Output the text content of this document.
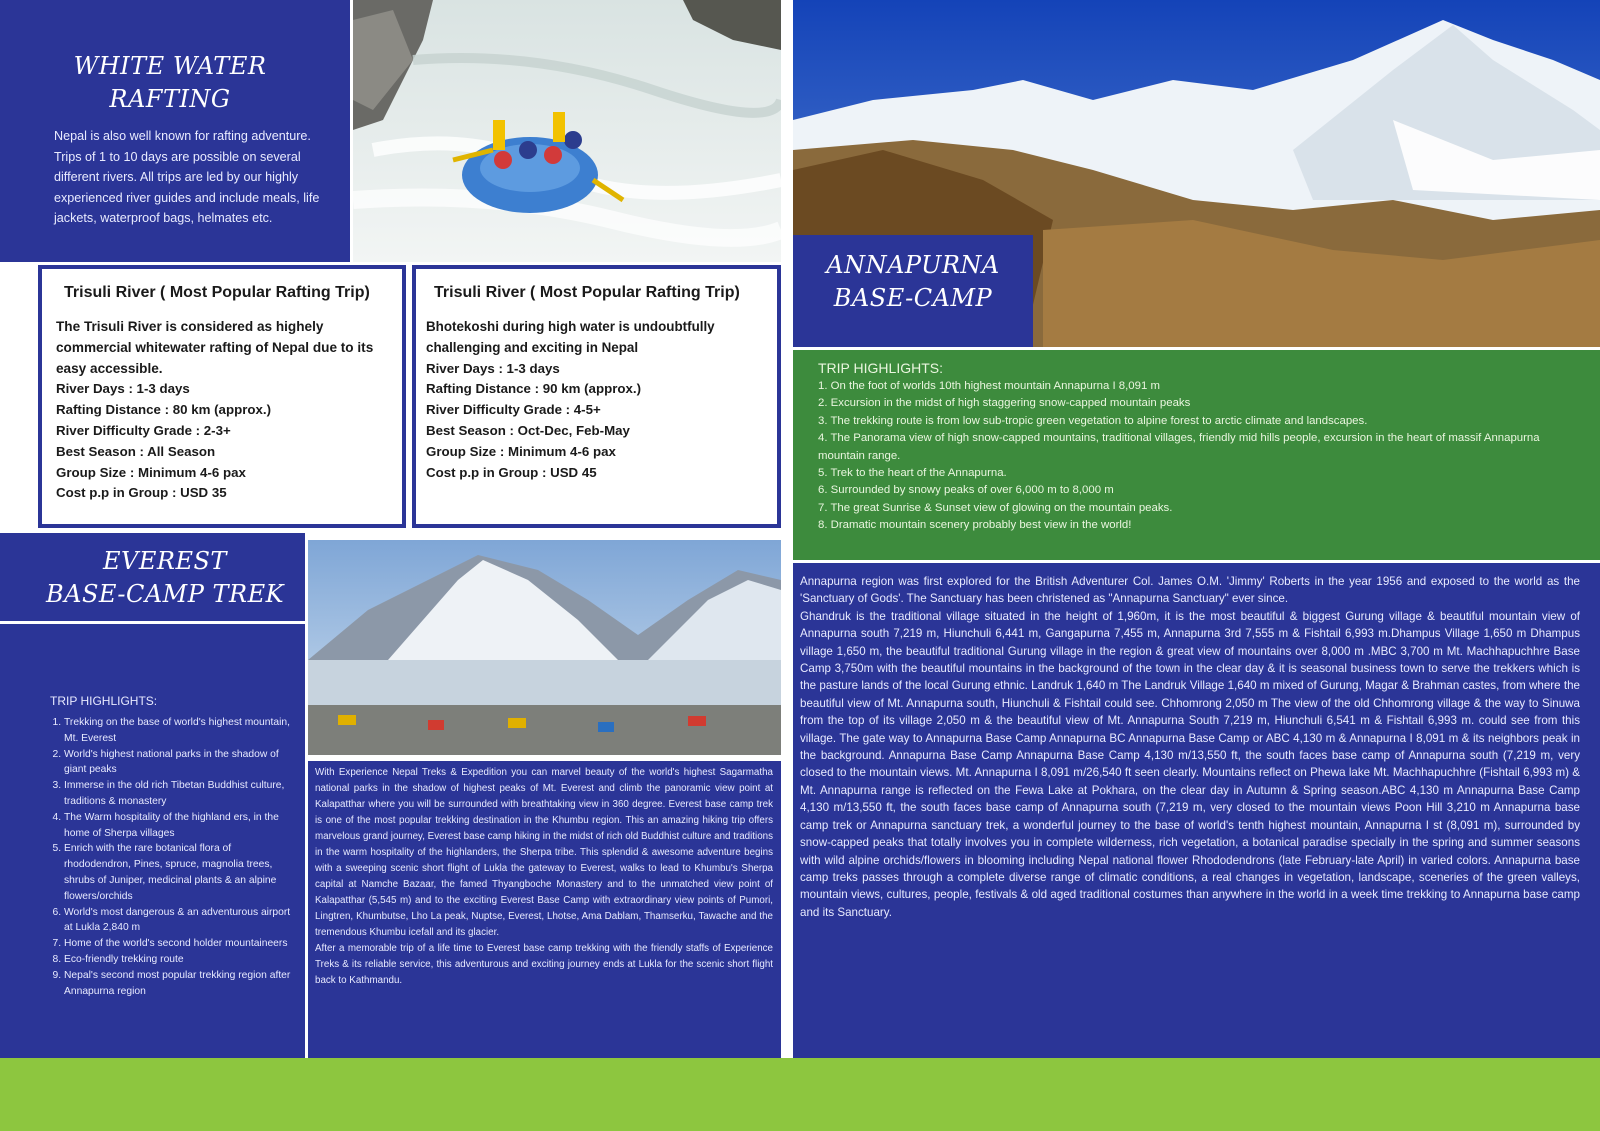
WHITE WATER
RAFTING
Nepal is also well known for rafting adventure. Trips of 1 to 10 days are possible on several different rivers. All trips are led by our highly experienced river guides and include meals, life jackets, waterproof bags, helmates etc.
Trisuli River ( Most Popular Rafting Trip)
The Trisuli River is considered as highely commercial whitewater rafting of Nepal due to its easy accessible.
River Days : 1-3 days
Rafting Distance : 80 km (approx.)
River Difficulty Grade : 2-3+
Best Season : All Season
Group Size : Minimum 4-6 pax
Cost p.p in Group : USD 35
Trisuli River ( Most Popular Rafting Trip)
Bhotekoshi during high water is undoubtfully challenging and exciting in Nepal
River Days : 1-3 days
Rafting Distance : 90 km (approx.)
River Difficulty Grade : 4-5+
Best Season : Oct-Dec, Feb-May
Group Size : Minimum 4-6 pax
Cost p.p in Group : USD 45
EVEREST
BASE-CAMP TREK
TRIP HIGHLIGHTS:
1. Trekking on the base of world's highest mountain, Mt. Everest
2. World's highest national parks in the shadow of giant peaks
3. Immerse in the old rich Tibetan Buddhist culture, traditions & monastery
4. The Warm hospitality of the highland ers, in the home of Sherpa villages
5. Enrich with the rare botanical flora of rhododendron, Pines, spruce, magnolia trees, shrubs of Juniper, medicinal plants & an alpine flowers/orchids
6. World's most dangerous & an adventurous airport at Lukla 2,840 m
7. Home of the world's second holder mountaineers
8. Eco-friendly trekking route
9. Nepal's second most popular trekking region after Annapurna region
With Experience Nepal Treks & Expedition you can marvel beauty of the world's highest Sagarmatha national parks in the shadow of highest peaks of Mt. Everest and climb the panoramic view point at Kalapatthar where you will be surrounded with breathtaking view in 360 degree. Everest base camp trek is one of the most popular trekking destination in the Khumbu region. This an amazing hiking trip offers marvelous grand journey, Everest base camp hiking in the midst of rich old Buddhist culture and traditions in the warm hospitality of the highlanders, the Sherpa tribe. This splendid & awesome adventure begins with a sweeping scenic short flight of Lukla the gateway to Everest, walks to lead to Khumbu's Sherpa capital at Namche Bazaar, the famed Thyangboche Monastery and to the unmatched view point of Kalapatthar (5,545 m) and to the exciting Everest Base Camp with extraordinary view points of Pumori, Lingtren, Khumbutse, Lho La peak, Nuptse, Everest, Lhotse, Ama Dablam, Thamserku, Tawache and the tremendous Khumbu icefall and its glacier.
After a memorable trip of a life time to Everest base camp trekking with the friendly staffs of Experience Treks & its reliable service, this adventurous and exciting journey ends at Lukla for the scenic short flight back to Kathmandu.
ANNAPURNA
BASE-CAMP
TRIP HIGHLIGHTS:
1. On the foot of worlds 10th highest mountain Annapurna I 8,091 m
2. Excursion in the midst of high staggering snow-capped mountain peaks
3. The trekking route is from low sub-tropic green vegetation to alpine forest to arctic climate and landscapes.
4. The Panorama view of high snow-capped mountains, traditional villages, friendly mid hills people, excursion in the heart of massif Annapurna mountain range.
5. Trek to the heart of the Annapurna.
6. Surrounded by snowy peaks of over 6,000 m to 8,000 m
7. The great Sunrise & Sunset view of glowing on the mountain peaks.
8. Dramatic mountain scenery probably best view in the world!
Annapurna region was first explored for the British Adventurer Col. James O.M. 'Jimmy' Roberts in the year 1956 and exposed to the world as the 'Sanctuary of Gods'. The Sanctuary has been christened as "Annapurna Sanctuary" ever since.
Ghandruk is the traditional village situated in the height of 1,960m, it is the most beautiful & biggest Gurung village & beautiful mountain view of Annapurna south 7,219 m, Hiunchuli 6,441 m, Gangapurna 7,455 m, Annapurna 3rd 7,555 m & Fishtail 6,993 m.Dhampus Village 1,650 m Dhampus village 1,650 m, the beautiful traditional Gurung village in the region & great view of mountains over 8,000 m .MBC 3,700 m Mt. Machhapuchhre Base Camp 3,750m with the beautiful mountains in the background of the town in the clear day & it is seasonal business town to serve the trekkers which is the pasture lands of the local Gurung ethnic. Landruk 1,640 m The Landruk Village 1,640 m mixed of Gurung, Magar & Brahman castes, from where the beautiful view of Mt. Annapurna south, Hiunchuli & Fishtail could see. Chhomrong 2,050 m The view of the old Chhomrong village & the way to Sinuwa from the top of its village 2,050 m & the beautiful view of Mt. Annapurna South 7,219 m, Hiunchuli 6,541 m & Fishtail 6,993 m. could see from this village. The gate way to Annapurna Base Camp Annapurna BC Annapurna Base Camp or ABC 4,130 m & Annapurna I 8,091 m & its neighbors peak in the background. Annapurna Base Camp Annapurna Base Camp 4,130 m/13,550 ft, the south faces base camp of Annapurna south (7,219 m, very closed to the mountain views. Mt. Annapurna I 8,091 m/26,540 ft seen clearly. Mountains reflect on Phewa lake Mt. Machhapuchhre (Fishtail 6,993 m) & Mt. Annapurna range is reflected on the Fewa Lake at Pokhara, on the clear day in Autumn & Spring season.ABC 4,130 m Annapurna Base Camp 4,130 m/13,550 ft, the south faces base camp of Annapurna south (7,219 m, very closed to the mountain views Poon Hill 3,210 m Annapurna base camp trek or Annapurna sanctuary trek, a wonderful journey to the base of world's tenth highest mountain, Annapurna I st (8,091 m), surrounded by snow-capped peaks that totally involves you in complete wilderness, rich vegetation, a botanical paradise specially in the spring and summer seasons with wild alpine orchids/flowers in blooming including Nepal national flower Rhododendrons (late February-late April) in varied colors. Annapurna base camp treks passes through a complete diverse range of climatic conditions, a real changes in vegetation, landscape, sceneries of the green valleys, mountain views, cultures, people, festivals & old aged traditional costumes than anywhere in the world in a week time trekking to Annapurna base camp and its Sanctuary.
